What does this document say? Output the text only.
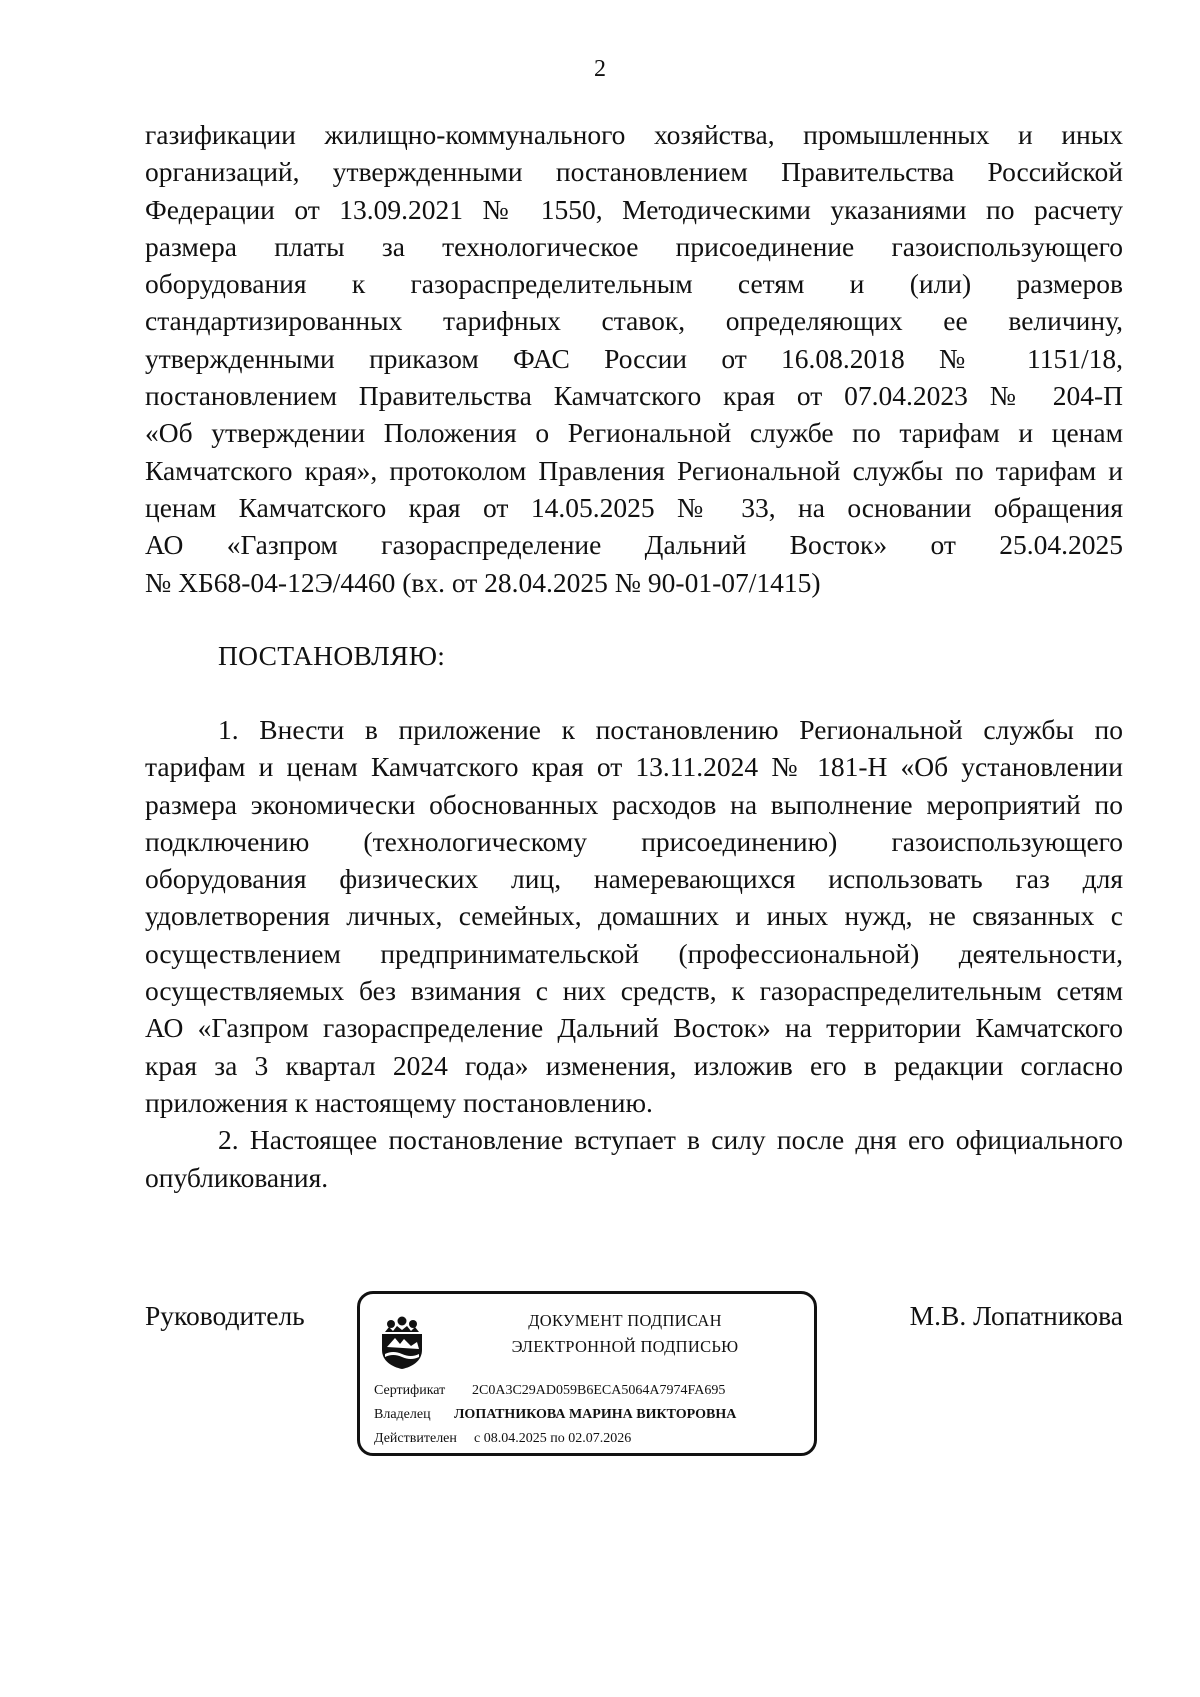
2
газификации жилищно-коммунального хозяйства, промышленных и иных
организаций, утвержденными постановлением Правительства Российской
Федерации от 13.09.2021 № 1550, Методическими указаниями по расчету
размера платы за технологическое присоединение газоиспользующего
оборудования к газораспределительным сетям и (или) размеров
стандартизированных тарифных ставок, определяющих ее величину,
утвержденными приказом ФАС России от 16.08.2018 № 1151/18,
постановлением Правительства Камчатского края от 07.04.2023 № 204-П
«Об утверждении Положения о Региональной службе по тарифам и ценам
Камчатского края», протоколом Правления Региональной службы по тарифам и
ценам Камчатского края от 14.05.2025 № 33, на основании обращения
АО «Газпром газораспределение Дальний Восток» от 25.04.2025
№ ХБ68-04-12Э/4460 (вх. от 28.04.2025 № 90-01-07/1415)
ПОСТАНОВЛЯЮ:
1. Внести в приложение к постановлению Региональной службы по
тарифам и ценам Камчатского края от 13.11.2024 № 181-Н «Об установлении
размера экономически обоснованных расходов на выполнение мероприятий по
подключению (технологическому присоединению) газоиспользующего
оборудования физических лиц, намеревающихся использовать газ для
удовлетворения личных, семейных, домашних и иных нужд, не связанных с
осуществлением предпринимательской (профессиональной) деятельности,
осуществляемых без взимания с них средств, к газораспределительным сетям
АО «Газпром газораспределение Дальний Восток» на территории Камчатского
края за 3 квартал 2024 года» изменения, изложив его в редакции согласно
приложения к настоящему постановлению.
2. Настоящее постановление вступает в силу после дня его официального
опубликования.
Руководитель	ДОКУМЕНТ ПОДПИСАН
ЭЛЕКТРОННОЙ ПОДПИСЬЮ
Сертификат 2C0A3C29AD059B6ECA5064A7974FA695
Владелец ЛОПАТНИКОВА МАРИНА ВИКТОРОВНА
Действителен с 08.04.2025 по 02.07.2026
М.В. Лопатникова
